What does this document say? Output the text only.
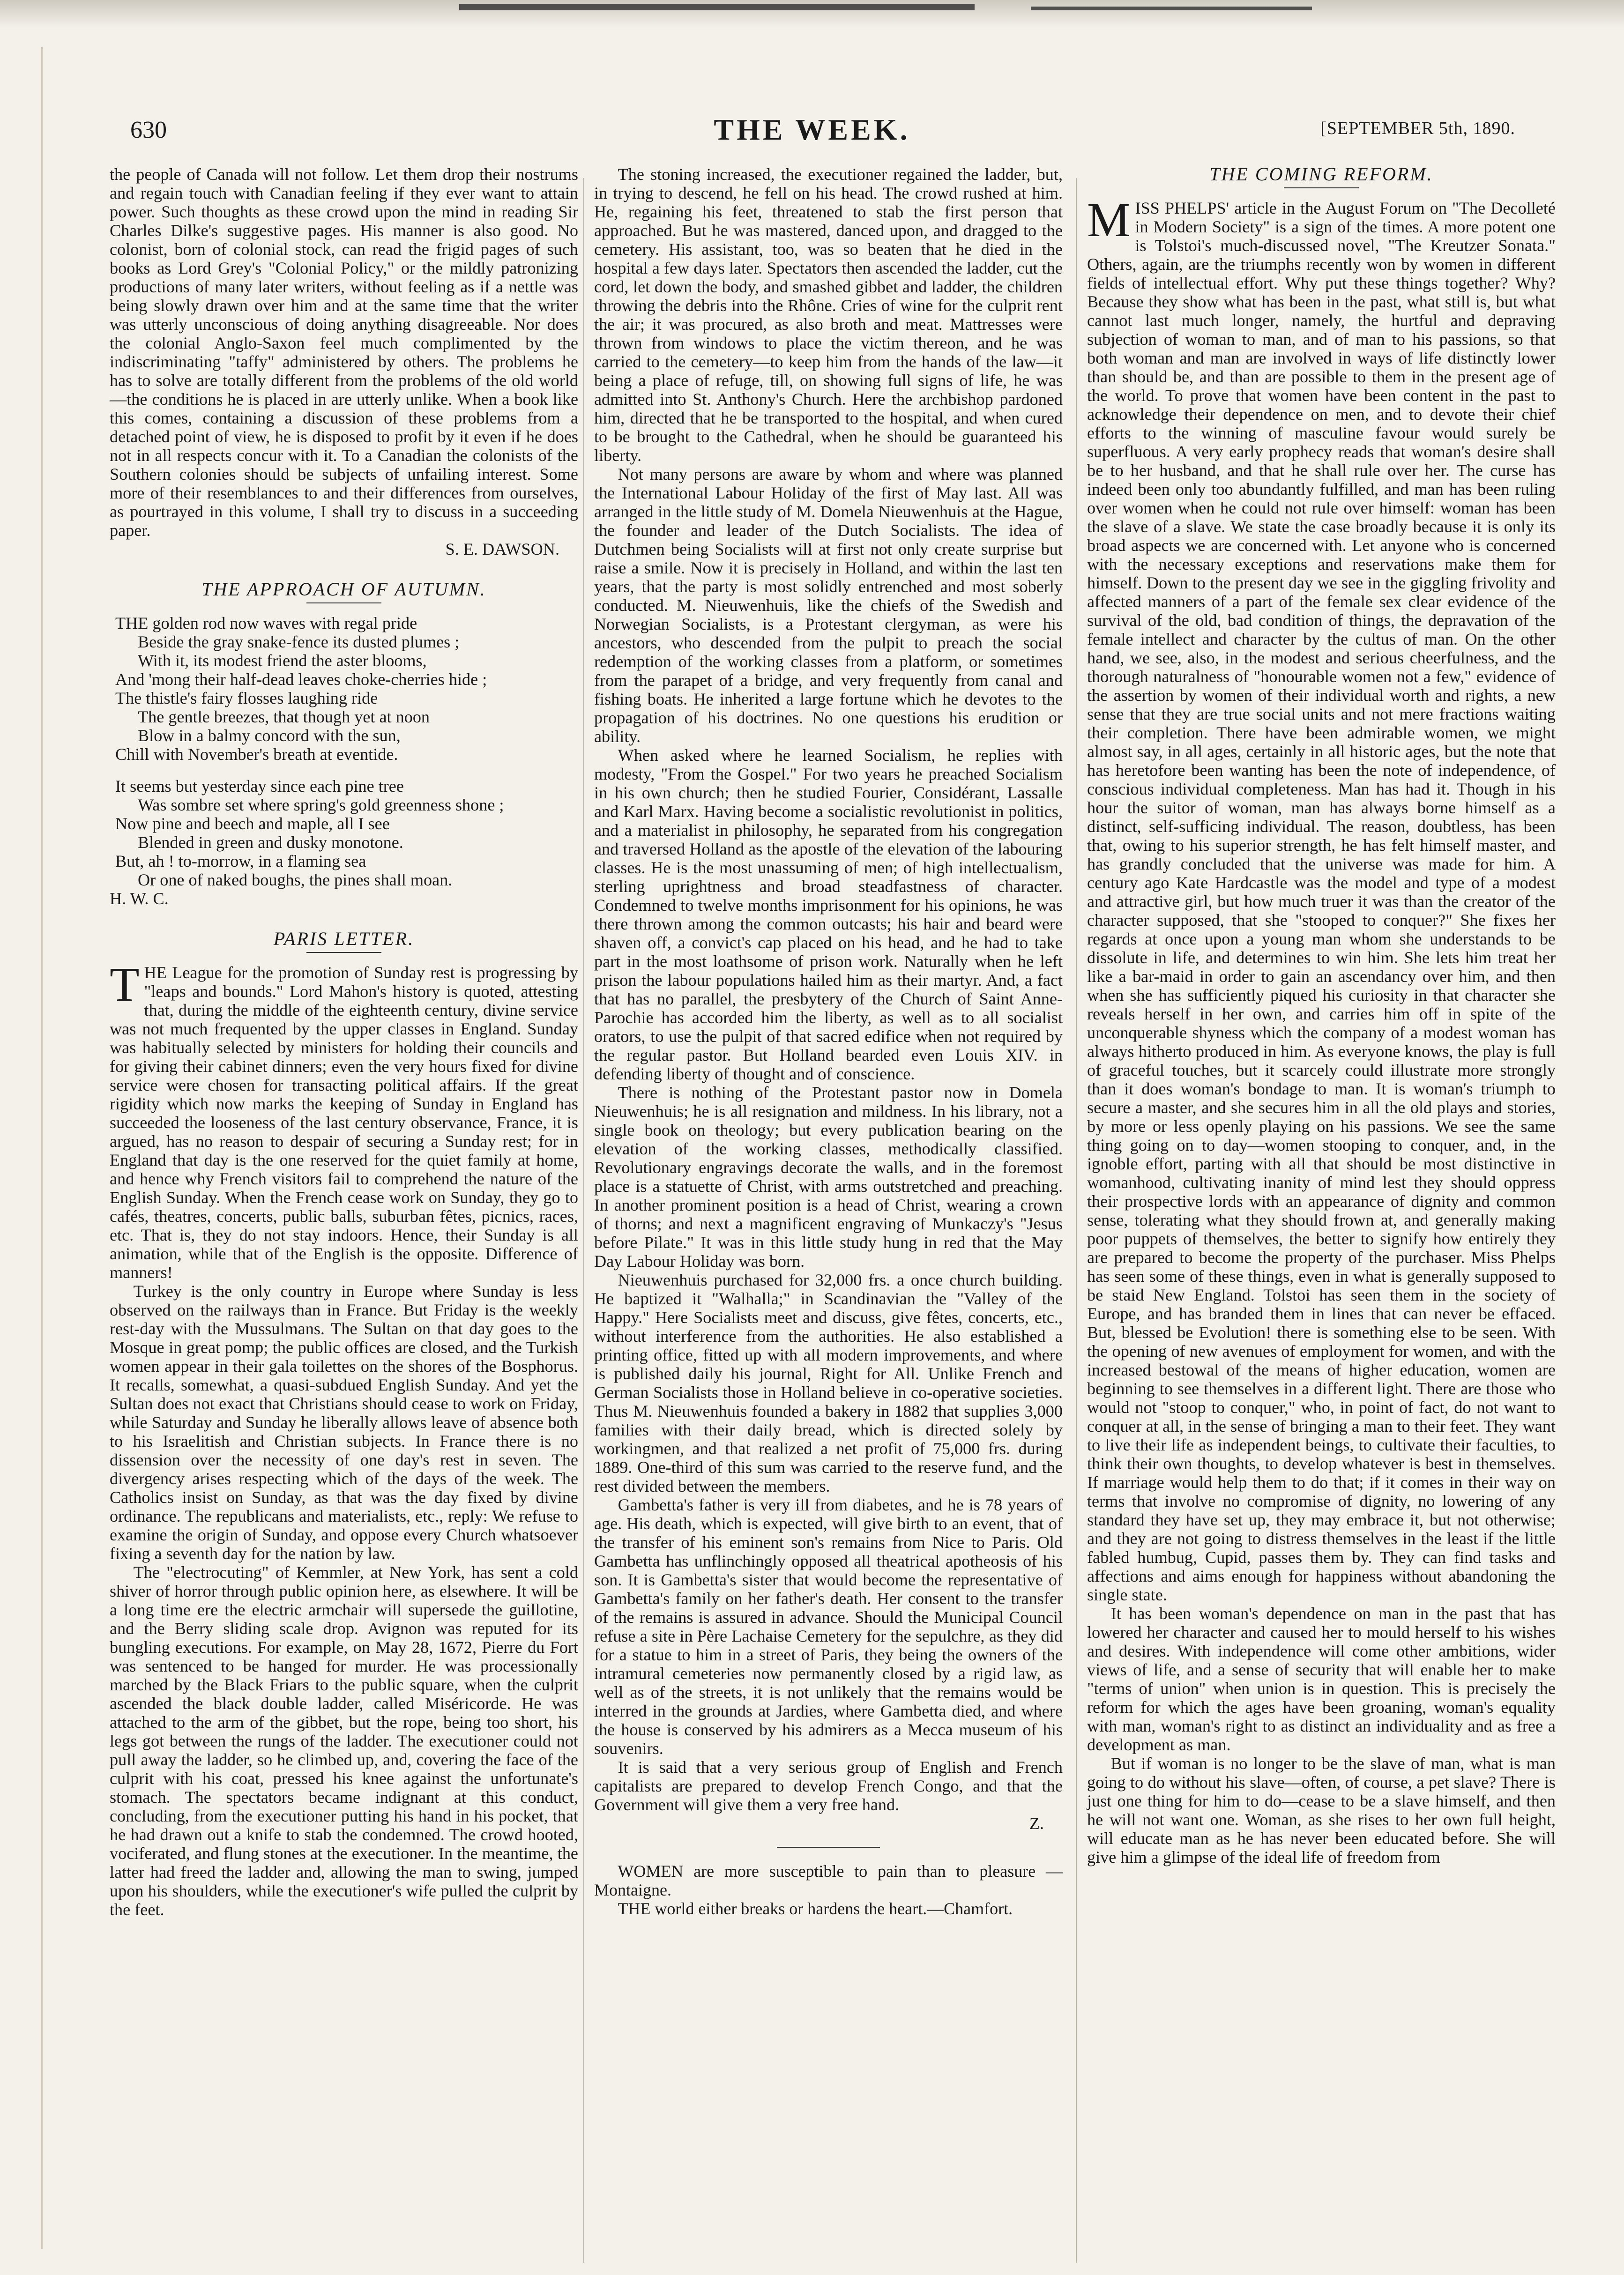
630	THE WEEK.	[SEPTEMBER 5th, 1890.

the people of Canada will not follow. Let them drop their nostrums and regain touch with Canadian feeling if they ever want to attain power. Such thoughts as these crowd upon the mind in reading Sir Charles Dilke's suggestive pages. His manner is also good. No colonist, born of colonial stock, can read the frigid pages of such books as Lord Grey's "Colonial Policy," or the mildly patronizing productions of many later writers, without feeling as if a nettle was being slowly drawn over him and at the same time that the writer was utterly unconscious of doing anything disagreeable. Nor does the colonial Anglo-Saxon feel much complimented by the indiscriminating "taffy" administered by others. The problems he has to solve are totally different from the problems of the old world—the conditions he is placed in are utterly unlike. When a book like this comes, containing a discussion of these problems from a detached point of view, he is disposed to profit by it even if he does not in all respects concur with it. To a Canadian the colonists of the Southern colonies should be subjects of unfailing interest. Some more of their resemblances to and their differences from ourselves, as pourtrayed in this volume, I shall try to discuss in a succeeding paper.

S. E. DAWSON.

THE APPROACH OF AUTUMN.

THE golden rod now waves with regal pride

Beside the gray snake-fence its dusted plumes ;

With it, its modest friend the aster blooms,

And 'mong their half-dead leaves choke-cherries hide ;

The thistle's fairy flosses laughing ride

The gentle breezes, that though yet at noon

Blow in a balmy concord with the sun,

Chill with November's breath at eventide.

It seems but yesterday since each pine tree

Was sombre set where spring's gold greenness shone ;

Now pine and beech and maple, all I see

Blended in green and dusky monotone.

But, ah ! to-morrow, in a flaming sea

Or one of naked boughs, the pines shall moan.

H. W. C.

PARIS LETTER.

THE League for the promotion of Sunday rest is progressing by "leaps and bounds." Lord Mahon's history is quoted, attesting that, during the middle of the eighteenth century, divine service was not much frequented by the upper classes in England. Sunday was habitually selected by ministers for holding their councils and for giving their cabinet dinners; even the very hours fixed for divine service were chosen for transacting political affairs. If the great rigidity which now marks the keeping of Sunday in England has succeeded the looseness of the last century observance, France, it is argued, has no reason to despair of securing a Sunday rest; for in England that day is the one reserved for the quiet family at home, and hence why French visitors fail to comprehend the nature of the English Sunday. When the French cease work on Sunday, they go to cafés, theatres, concerts, public balls, suburban fêtes, picnics, races, etc. That is, they do not stay indoors. Hence, their Sunday is all animation, while that of the English is the opposite. Difference of manners!

Turkey is the only country in Europe where Sunday is less observed on the railways than in France. But Friday is the weekly rest-day with the Mussulmans. The Sultan on that day goes to the Mosque in great pomp; the public offices are closed, and the Turkish women appear in their gala toilettes on the shores of the Bosphorus. It recalls, somewhat, a quasi-subdued English Sunday. And yet the Sultan does not exact that Christians should cease to work on Friday, while Saturday and Sunday he liberally allows leave of absence both to his Israelitish and Christian subjects. In France there is no dissension over the necessity of one day's rest in seven. The divergency arises respecting which of the days of the week. The Catholics insist on Sunday, as that was the day fixed by divine ordinance. The republicans and materialists, etc., reply: We refuse to examine the origin of Sunday, and oppose every Church whatsoever fixing a seventh day for the nation by law.

The "electrocuting" of Kemmler, at New York, has sent a cold shiver of horror through public opinion here, as elsewhere. It will be a long time ere the electric armchair will supersede the guillotine, and the Berry sliding scale drop. Avignon was reputed for its bungling executions. For example, on May 28, 1672, Pierre du Fort was sentenced to be hanged for murder. He was processionally marched by the Black Friars to the public square, when the culprit ascended the black double ladder, called Miséricorde. He was attached to the arm of the gibbet, but the rope, being too short, his legs got between the rungs of the ladder. The executioner could not pull away the ladder, so he climbed up, and, covering the face of the culprit with his coat, pressed his knee against the unfortunate's stomach. The spectators became indignant at this conduct, concluding, from the executioner putting his hand in his pocket, that he had drawn out a knife to stab the condemned. The crowd hooted, vociferated, and flung stones at the executioner. In the meantime, the latter had freed the ladder and, allowing the man to swing, jumped upon his shoulders, while the executioner's wife pulled the culprit by the feet.

The stoning increased, the executioner regained the ladder, but, in trying to descend, he fell on his head. The crowd rushed at him. He, regaining his feet, threatened to stab the first person that approached. But he was mastered, danced upon, and dragged to the cemetery. His assistant, too, was so beaten that he died in the hospital a few days later. Spectators then ascended the ladder, cut the cord, let down the body, and smashed gibbet and ladder, the children throwing the debris into the Rhône. Cries of wine for the culprit rent the air; it was procured, as also broth and meat. Mattresses were thrown from windows to place the victim thereon, and he was carried to the cemetery—to keep him from the hands of the law—it being a place of refuge, till, on showing full signs of life, he was admitted into St. Anthony's Church. Here the archbishop pardoned him, directed that he be transported to the hospital, and when cured to be brought to the Cathedral, when he should be guaranteed his liberty.

Not many persons are aware by whom and where was planned the International Labour Holiday of the first of May last. All was arranged in the little study of M. Domela Nieuwenhuis at the Hague, the founder and leader of the Dutch Socialists. The idea of Dutchmen being Socialists will at first not only create surprise but raise a smile. Now it is precisely in Holland, and within the last ten years, that the party is most solidly entrenched and most soberly conducted. M. Nieuwenhuis, like the chiefs of the Swedish and Norwegian Socialists, is a Protestant clergyman, as were his ancestors, who descended from the pulpit to preach the social redemption of the working classes from a platform, or sometimes from the parapet of a bridge, and very frequently from canal and fishing boats. He inherited a large fortune which he devotes to the propagation of his doctrines. No one questions his erudition or ability.

When asked where he learned Socialism, he replies with modesty, "From the Gospel." For two years he preached Socialism in his own church; then he studied Fourier, Considérant, Lassalle and Karl Marx. Having become a socialistic revolutionist in politics, and a materialist in philosophy, he separated from his congregation and traversed Holland as the apostle of the elevation of the labouring classes. He is the most unassuming of men; of high intellectualism, sterling uprightness and broad steadfastness of character. Condemned to twelve months imprisonment for his opinions, he was there thrown among the common outcasts; his hair and beard were shaven off, a convict's cap placed on his head, and he had to take part in the most loathsome of prison work. Naturally when he left prison the labour populations hailed him as their martyr. And, a fact that has no parallel, the presbytery of the Church of Saint Anne-Parochie has accorded him the liberty, as well as to all socialist orators, to use the pulpit of that sacred edifice when not required by the regular pastor. But Holland bearded even Louis XIV. in defending liberty of thought and of conscience.

There is nothing of the Protestant pastor now in Domela Nieuwenhuis; he is all resignation and mildness. In his library, not a single book on theology; but every publication bearing on the elevation of the working classes, methodically classified. Revolutionary engravings decorate the walls, and in the foremost place is a statuette of Christ, with arms outstretched and preaching. In another prominent position is a head of Christ, wearing a crown of thorns; and next a magnificent engraving of Munkaczy's "Jesus before Pilate." It was in this little study hung in red that the May Day Labour Holiday was born.

Nieuwenhuis purchased for 32,000 frs. a once church building. He baptized it "Walhalla;" in Scandinavian the "Valley of the Happy." Here Socialists meet and discuss, give fêtes, concerts, etc., without interference from the authorities. He also established a printing office, fitted up with all modern improvements, and where is published daily his journal, Right for All. Unlike French and German Socialists those in Holland believe in co-operative societies. Thus M. Nieuwenhuis founded a bakery in 1882 that supplies 3,000 families with their daily bread, which is directed solely by workingmen, and that realized a net profit of 75,000 frs. during 1889. One-third of this sum was carried to the reserve fund, and the rest divided between the members.

Gambetta's father is very ill from diabetes, and he is 78 years of age. His death, which is expected, will give birth to an event, that of the transfer of his eminent son's remains from Nice to Paris. Old Gambetta has unflinchingly opposed all theatrical apotheosis of his son. It is Gambetta's sister that would become the representative of Gambetta's family on her father's death. Her consent to the transfer of the remains is assured in advance. Should the Municipal Council refuse a site in Père Lachaise Cemetery for the sepulchre, as they did for a statue to him in a street of Paris, they being the owners of the intramural cemeteries now permanently closed by a rigid law, as well as of the streets, it is not unlikely that the remains would be interred in the grounds at Jardies, where Gambetta died, and where the house is conserved by his admirers as a Mecca museum of his souvenirs.

It is said that a very serious group of English and French capitalists are prepared to develop French Congo, and that the Government will give them a very free hand.

Z.

WOMEN are more susceptible to pain than to pleasure —Montaigne.

THE world either breaks or hardens the heart.—Chamfort.

THE COMING REFORM.

MISS PHELPS' article in the August Forum on "The Decolleté in Modern Society" is a sign of the times. A more potent one is Tolstoi's much-discussed novel, "The Kreutzer Sonata." Others, again, are the triumphs recently won by women in different fields of intellectual effort. Why put these things together? Why? Because they show what has been in the past, what still is, but what cannot last much longer, namely, the hurtful and depraving subjection of woman to man, and of man to his passions, so that both woman and man are involved in ways of life distinctly lower than should be, and than are possible to them in the present age of the world. To prove that women have been content in the past to acknowledge their dependence on men, and to devote their chief efforts to the winning of masculine favour would surely be superfluous. A very early prophecy reads that woman's desire shall be to her husband, and that he shall rule over her. The curse has indeed been only too abundantly fulfilled, and man has been ruling over women when he could not rule over himself: woman has been the slave of a slave. We state the case broadly because it is only its broad aspects we are concerned with. Let anyone who is concerned with the necessary exceptions and reservations make them for himself. Down to the present day we see in the giggling frivolity and affected manners of a part of the female sex clear evidence of the survival of the old, bad condition of things, the depravation of the female intellect and character by the cultus of man. On the other hand, we see, also, in the modest and serious cheerfulness, and the thorough naturalness of "honourable women not a few," evidence of the assertion by women of their individual worth and rights, a new sense that they are true social units and not mere fractions waiting their completion. There have been admirable women, we might almost say, in all ages, certainly in all historic ages, but the note that has heretofore been wanting has been the note of independence, of conscious individual completeness. Man has had it. Though in his hour the suitor of woman, man has always borne himself as a distinct, self-sufficing individual. The reason, doubtless, has been that, owing to his superior strength, he has felt himself master, and has grandly concluded that the universe was made for him. A century ago Kate Hardcastle was the model and type of a modest and attractive girl, but how much truer it was than the creator of the character supposed, that she "stooped to conquer?" She fixes her regards at once upon a young man whom she understands to be dissolute in life, and determines to win him. She lets him treat her like a bar-maid in order to gain an ascendancy over him, and then when she has sufficiently piqued his curiosity in that character she reveals herself in her own, and carries him off in spite of the unconquerable shyness which the company of a modest woman has always hitherto produced in him. As everyone knows, the play is full of graceful touches, but it scarcely could illustrate more strongly than it does woman's bondage to man. It is woman's triumph to secure a master, and she secures him in all the old plays and stories, by more or less openly playing on his passions. We see the same thing going on to day—women stooping to conquer, and, in the ignoble effort, parting with all that should be most distinctive in womanhood, cultivating inanity of mind lest they should oppress their prospective lords with an appearance of dignity and common sense, tolerating what they should frown at, and generally making poor puppets of themselves, the better to signify how entirely they are prepared to become the property of the purchaser. Miss Phelps has seen some of these things, even in what is generally supposed to be staid New England. Tolstoi has seen them in the society of Europe, and has branded them in lines that can never be effaced. But, blessed be Evolution! there is something else to be seen. With the opening of new avenues of employment for women, and with the increased bestowal of the means of higher education, women are beginning to see themselves in a different light. There are those who would not "stoop to conquer," who, in point of fact, do not want to conquer at all, in the sense of bringing a man to their feet. They want to live their life as independent beings, to cultivate their faculties, to think their own thoughts, to develop whatever is best in themselves. If marriage would help them to do that; if it comes in their way on terms that involve no compromise of dignity, no lowering of any standard they have set up, they may embrace it, but not otherwise; and they are not going to distress themselves in the least if the little fabled humbug, Cupid, passes them by. They can find tasks and affections and aims enough for happiness without abandoning the single state.

It has been woman's dependence on man in the past that has lowered her character and caused her to mould herself to his wishes and desires. With independence will come other ambitions, wider views of life, and a sense of security that will enable her to make "terms of union" when union is in question. This is precisely the reform for which the ages have been groaning, woman's equality with man, woman's right to as distinct an individuality and as free a development as man.

But if woman is no longer to be the slave of man, what is man going to do without his slave—often, of course, a pet slave? There is just one thing for him to do—cease to be a slave himself, and then he will not want one. Woman, as she rises to her own full height, will educate man as he has never been educated before. She will give him a glimpse of the ideal life of freedom from
